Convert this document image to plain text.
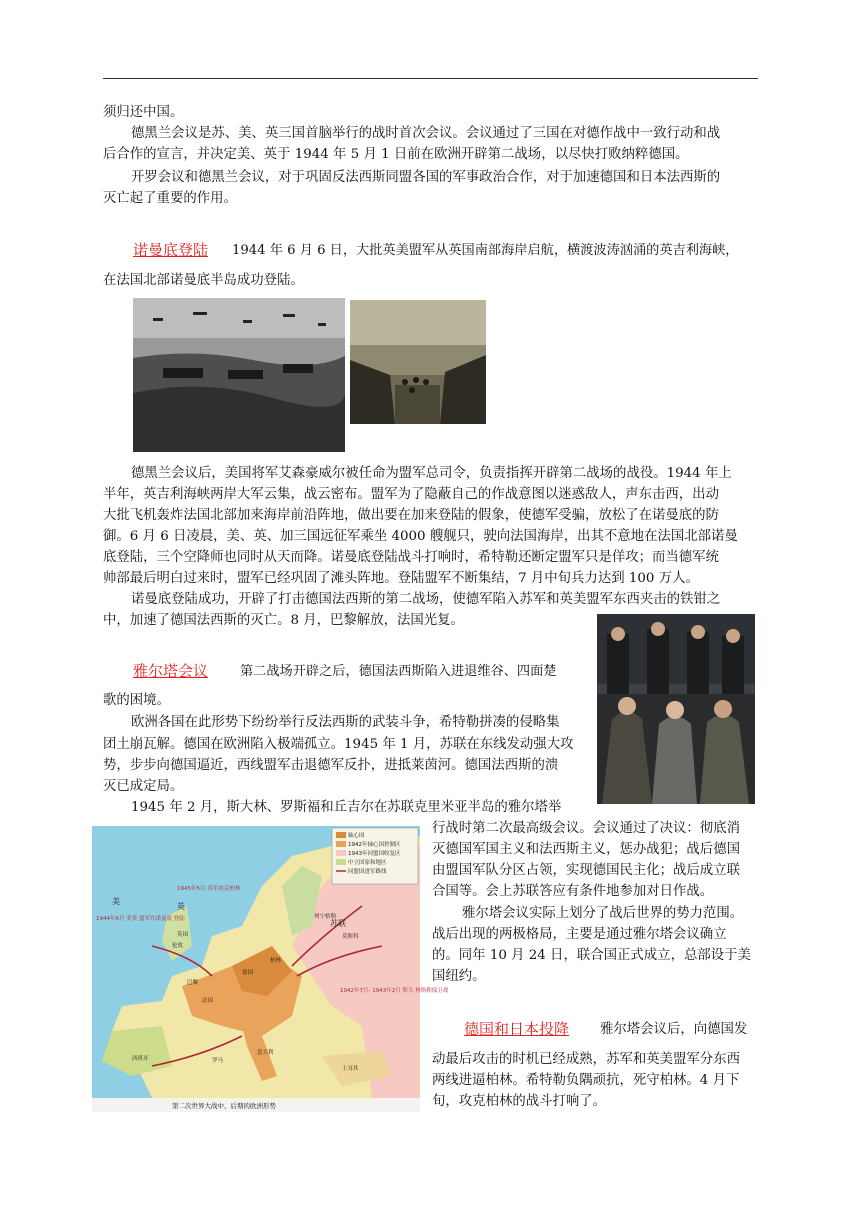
须归还中国。
德黑兰会议是苏、美、英三国首脑举行的战时首次会议。会议通过了三国在对德作战中一致行动和战
后合作的宣言，并决定美、英于 1944 年 5 月 1 日前在欧洲开辟第二战场，以尽快打败纳粹德国。
开罗会议和德黑兰会议，对于巩固反法西斯同盟各国的军事政治合作，对于加速德国和日本法西斯的
灭亡起了重要的作用。
诺曼底登陆 1944 年 6 月 6 日，大批英美盟军从英国南部海岸启航，横渡波涛汹涌的英吉利海峡，
在法国北部诺曼底半岛成功登陆。
德黑兰会议后，美国将军艾森豪威尔被任命为盟军总司令，负责指挥开辟第二战场的战役。1944 年上
半年，英吉利海峡两岸大军云集，战云密布。盟军为了隐蔽自己的作战意图以迷惑敌人，声东击西，出动
大批飞机轰炸法国北部加来海岸前沿阵地，做出要在加来登陆的假象，使德军受骗，放松了在诺曼底的防
御。6 月 6 日凌晨，美、英、加三国远征军乘坐 4000 艘舰只，驶向法国海岸，出其不意地在法国北部诺曼
底登陆，三个空降师也同时从天而降。诺曼底登陆战斗打响时，希特勒还断定盟军只是佯攻；而当德军统
帅部最后明白过来时，盟军已经巩固了滩头阵地。登陆盟军不断集结，7 月中旬兵力达到 100 万人。
诺曼底登陆成功，开辟了打击德国法西斯的第二战场，使德军陷入苏军和英美盟军东西夹击的铁钳之
中，加速了德国法西斯的灭亡。8 月，巴黎解放，法国光复。
雅尔塔会议 第二战场开辟之后，德国法西斯陷入进退维谷、四面楚
歌的困境。
欧洲各国在此形势下纷纷举行反法西斯的武装斗争，希特勒拼凑的侵略集
团土崩瓦解。德国在欧洲陷入极端孤立。1945 年 1 月，苏联在东线发动强大攻
势，步步向德国逼近，西线盟军击退德军反扑，进抵莱茵河。德国法西斯的溃
灭已成定局。
1945 年 2 月，斯大林、罗斯福和丘吉尔在苏联克里米亚半岛的雅尔塔举
轴心国
1942年轴心国控制区
1943年同盟国收复区
中立国家和地区
同盟国进军路线
1945年5月 苏军攻克柏林
1944年6月 美英 盟军在诺曼底 登陆
1942年7月- 1943年2月 斯大 林格勒保卫战
德国
法国
伦敦
英国
英
美
西班牙
意大利
罗马
土耳其
巴黎
柏林
莫斯科
列宁格勒
苏联
第二次世界大战中、后期的欧洲形势
行战时第二次最高级会议。会议通过了决议：彻底消
灭德国军国主义和法西斯主义，惩办战犯；战后德国
由盟国军队分区占领，实现德国民主化；战后成立联
合国等。会上苏联答应有条件地参加对日作战。
雅尔塔会议实际上划分了战后世界的势力范围。
战后出现的两极格局，主要是通过雅尔塔会议确立
的。同年 10 月 24 日，联合国正式成立，总部设于美
国纽约。
德国和日本投降 雅尔塔会议后，向德国发
动最后攻击的时机已经成熟，苏军和英美盟军分东西
两线进逼柏林。希特勒负隅顽抗，死守柏林。4 月下
旬，攻克柏林的战斗打响了。
